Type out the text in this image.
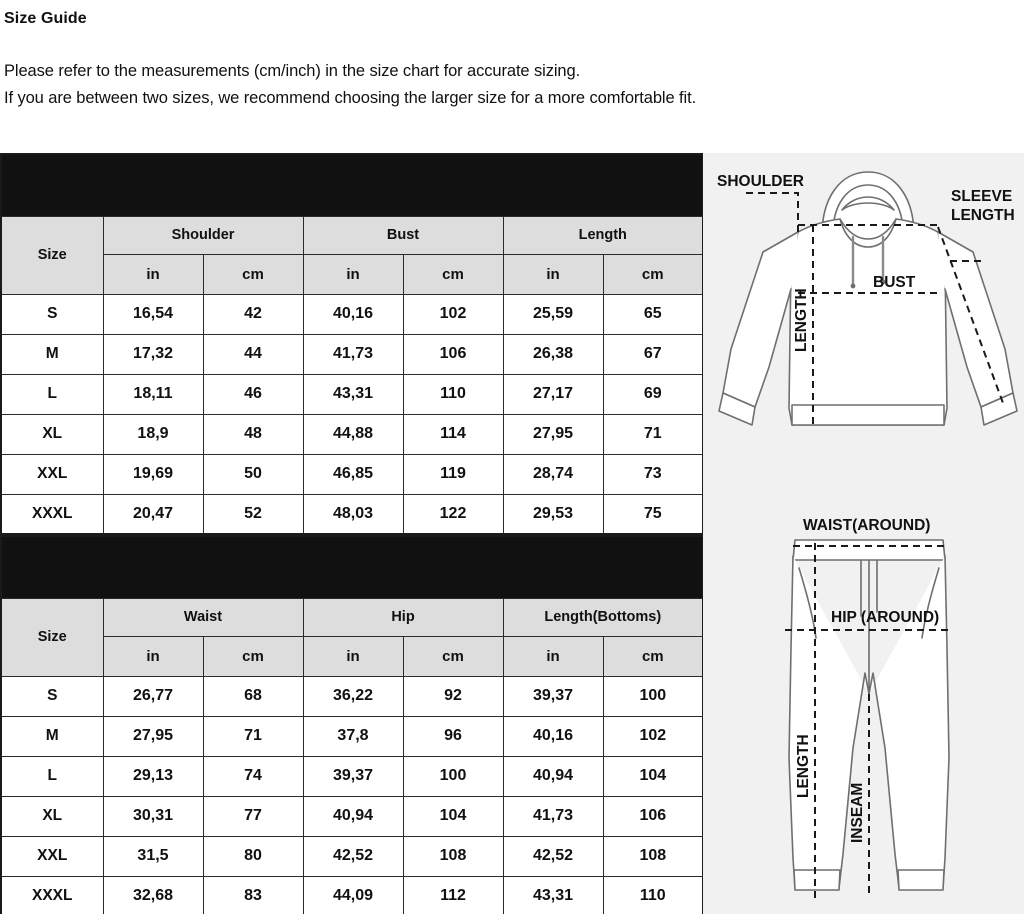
Size Guide

Please refer to the measurements (cm/inch) in the size chart for accurate sizing.

If you are between two sizes, we recommend choosing the larger size for a more comfortable fit.

Hoodie						
Size	Shoulder		Bust		Length	
	in	cm	in	cm	in	cm
S	16,54	42	40,16	102	25,59	65
M	17,32	44	41,73	106	26,38	67
L	18,11	46	43,31	110	27,17	69
XL	18,9	48	44,88	114	27,95	71
XXL	19,69	50	46,85	119	28,74	73
XXXL	20,47	52	48,03	122	29,53	75
Bottoms						
Size	Waist		Hip		Length(Bottoms)	
	in	cm	in	cm	in	cm
S	26,77	68	36,22	92	39,37	100
M	27,95	71	37,8	96	40,16	102
L	29,13	74	39,37	100	40,94	104
XL	30,31	77	40,94	104	41,73	106
XXL	31,5	80	42,52	108	42,52	108
XXXL	32,68	83	44,09	112	43,31	110
SHOULDER
SLEEVE
LENGTH
BUST
LENGTH
WAIST(AROUND)
HIP (AROUND)
LENGTH
INSEAM
